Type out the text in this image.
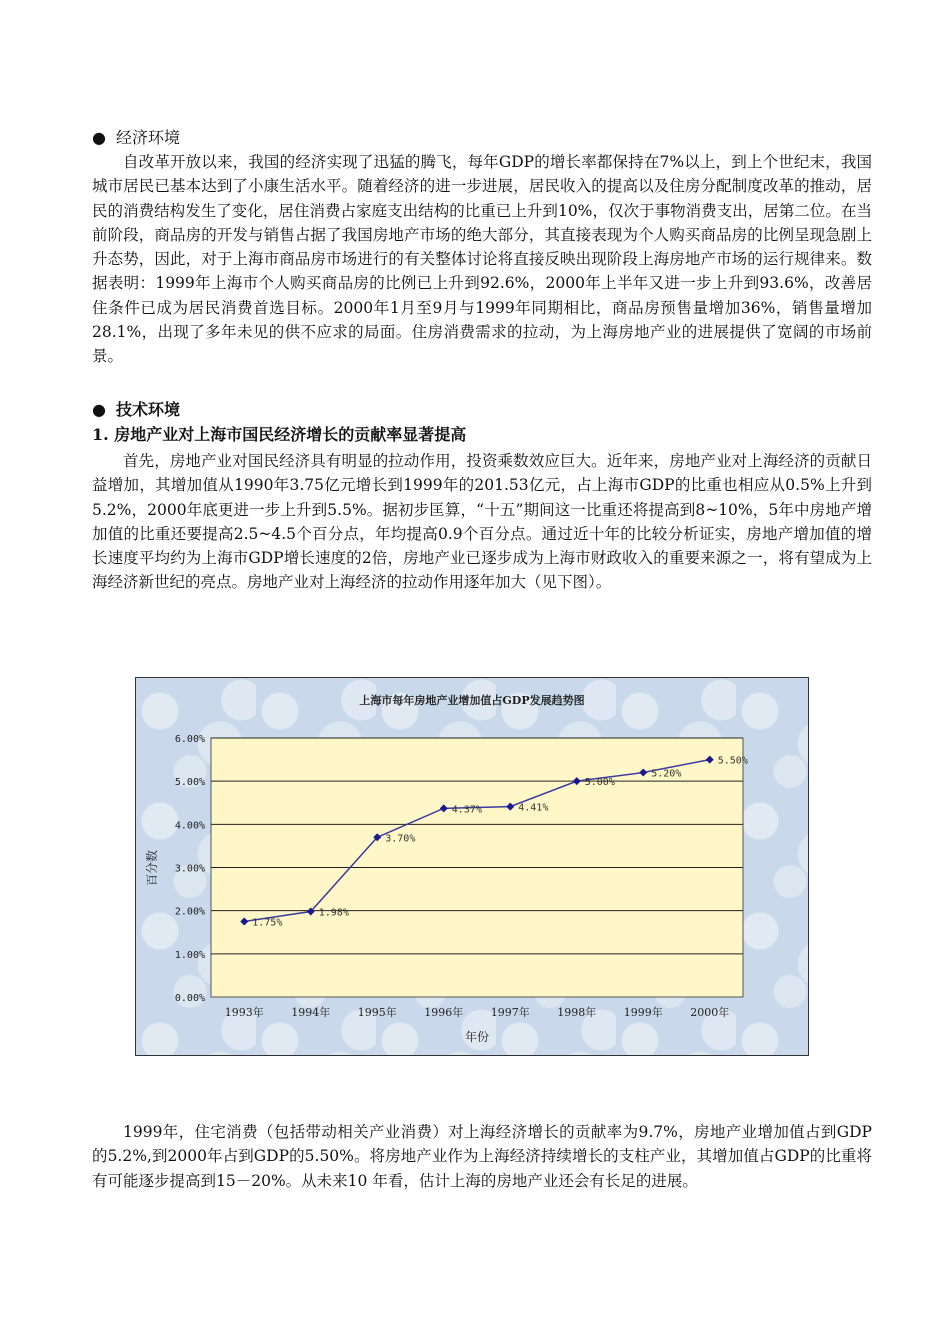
● 经济环境

自改革开放以来，我国的经济实现了迅猛的腾飞，每年GDP的增长率都保持在7%以上，到上个世纪末，我国城市居民已基本达到了小康生活水平。随着经济的进一步进展，居民收入的提高以及住房分配制度改革的推动，居民的消费结构发生了变化，居住消费占家庭支出结构的比重已上升到10%，仅次于事物消费支出，居第二位。在当前阶段，商品房的开发与销售占据了我国房地产市场的绝大部分，其直接表现为个人购买商品房的比例呈现急剧上升态势，因此，对于上海市商品房市场进行的有关整体讨论将直接反映出现阶段上海房地产市场的运行规律来。数据表明：1999年上海市个人购买商品房的比例已上升到92.6%，2000年上半年又进一步上升到93.6%，改善居住条件已成为居民消费首选目标。2000年1月至9月与1999年同期相比，商品房预售量增加36%，销售量增加28.1%，出现了多年未见的供不应求的局面。住房消费需求的拉动，为上海房地产业的进展提供了宽阔的市场前景。

● 技术环境

1. 房地产业对上海市国民经济增长的贡献率显著提高

首先，房地产业对国民经济具有明显的拉动作用，投资乘数效应巨大。近年来，房地产业对上海经济的贡献日益增加，其增加值从1990年3.75亿元增长到1999年的201.53亿元，占上海市GDP的比重也相应从0.5%上升到5.2%，2000年底更进一步上升到5.5%。据初步匡算，“十五”期间这一比重还将提高到8~10%，5年中房地产增加值的比重还要提高2.5~4.5个百分点，年均提高0.9个百分点。通过近十年的比较分析证实，房地产增加值的增长速度平均约为上海市GDP增长速度的2倍，房地产业已逐步成为上海市财政收入的重要来源之一，将有望成为上海经济新世纪的亮点。房地产业对上海经济的拉动作用逐年加大（见下图）。

上海市每年房地产业增加值占GDP发展趋势图
0.00%
1.00%
2.00%
3.00%
4.00%
5.00%
6.00%
1993年	1994年	1995年	1996年	1997年	1998年	1999年	2000年
1.75%
1.98%
3.70%
4.37%	4.41%
5.00%
5.20%
5.50%
百分数
年份

1999年，住宅消费（包括带动相关产业消费）对上海经济增长的贡献率为9.7%，房地产业增加值占到GDP的5.2%,到2000年占到GDP的5.50%。将房地产业作为上海经济持续增长的支柱产业，其增加值占GDP的比重将有可能逐步提高到15－20%。从未来10 年看，估计上海的房地产业还会有长足的进展。
